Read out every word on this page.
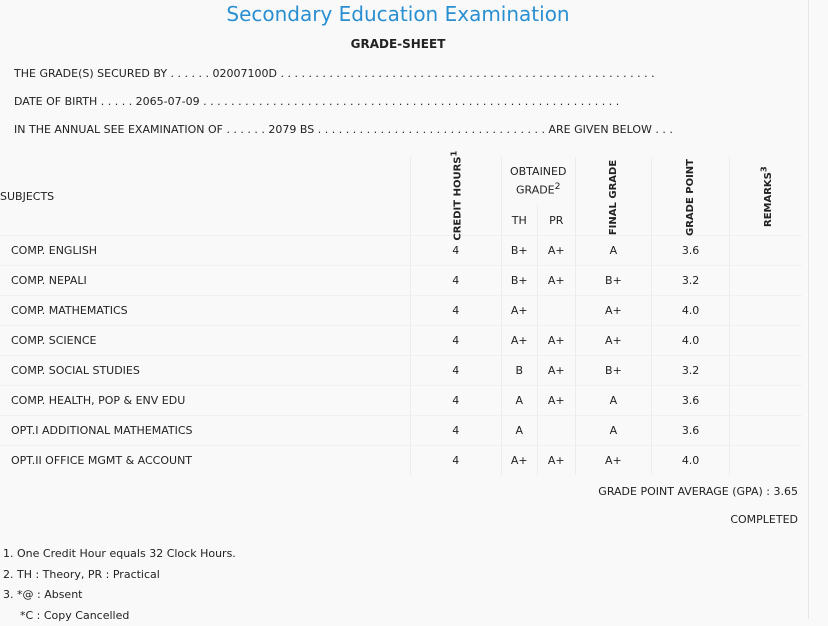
Secondary Education Examination
GRADE-SHEET
THE GRADE(S) SECURED BY . . . . . . 02007100D . . . . . . . . . . . . . . . . . . . . . . . . . . . . . . . . . . . . . . . . . . . . . . . . . . . . . .
DATE OF BIRTH . . . . . 2065-07-09 . . . . . . . . . . . . . . . . . . . . . . . . . . . . . . . . . . . . . . . . . . . . . . . . . . . . . . . . . . . .
IN THE ANNUAL SEE EXAMINATION OF . . . . . . 2079 BS . . . . . . . . . . . . . . . . . . . . . . . . . . . . . . . . . ARE GIVEN BELOW . . .
SUBJECTS	CREDIT HOURS$^1$	OBTAINED GRADE$^2$		FINAL GRADE	GRADE POINT	REMARKS$^3$
		TH	PR			
COMP. ENGLISH	4	B+	A+	A	3.6	
COMP. NEPALI	4	B+	A+	B+	3.2	
COMP. MATHEMATICS	4	A+		A+	4.0	
COMP. SCIENCE	4	A+	A+	A+	4.0	
COMP. SOCIAL STUDIES	4	B	A+	B+	3.2	
COMP. HEALTH, POP & ENV EDU	4	A	A+	A	3.6	
OPT.I ADDITIONAL MATHEMATICS	4	A		A	3.6	
OPT.II OFFICE MGMT & ACCOUNT	4	A+	A+	A+	4.0	
GRADE POINT AVERAGE (GPA) : 3.65
COMPLETED
1. One Credit Hour equals 32 Clock Hours.
2. TH : Theory, PR : Practical
3. *@ : Absent
*C : Copy Cancelled
